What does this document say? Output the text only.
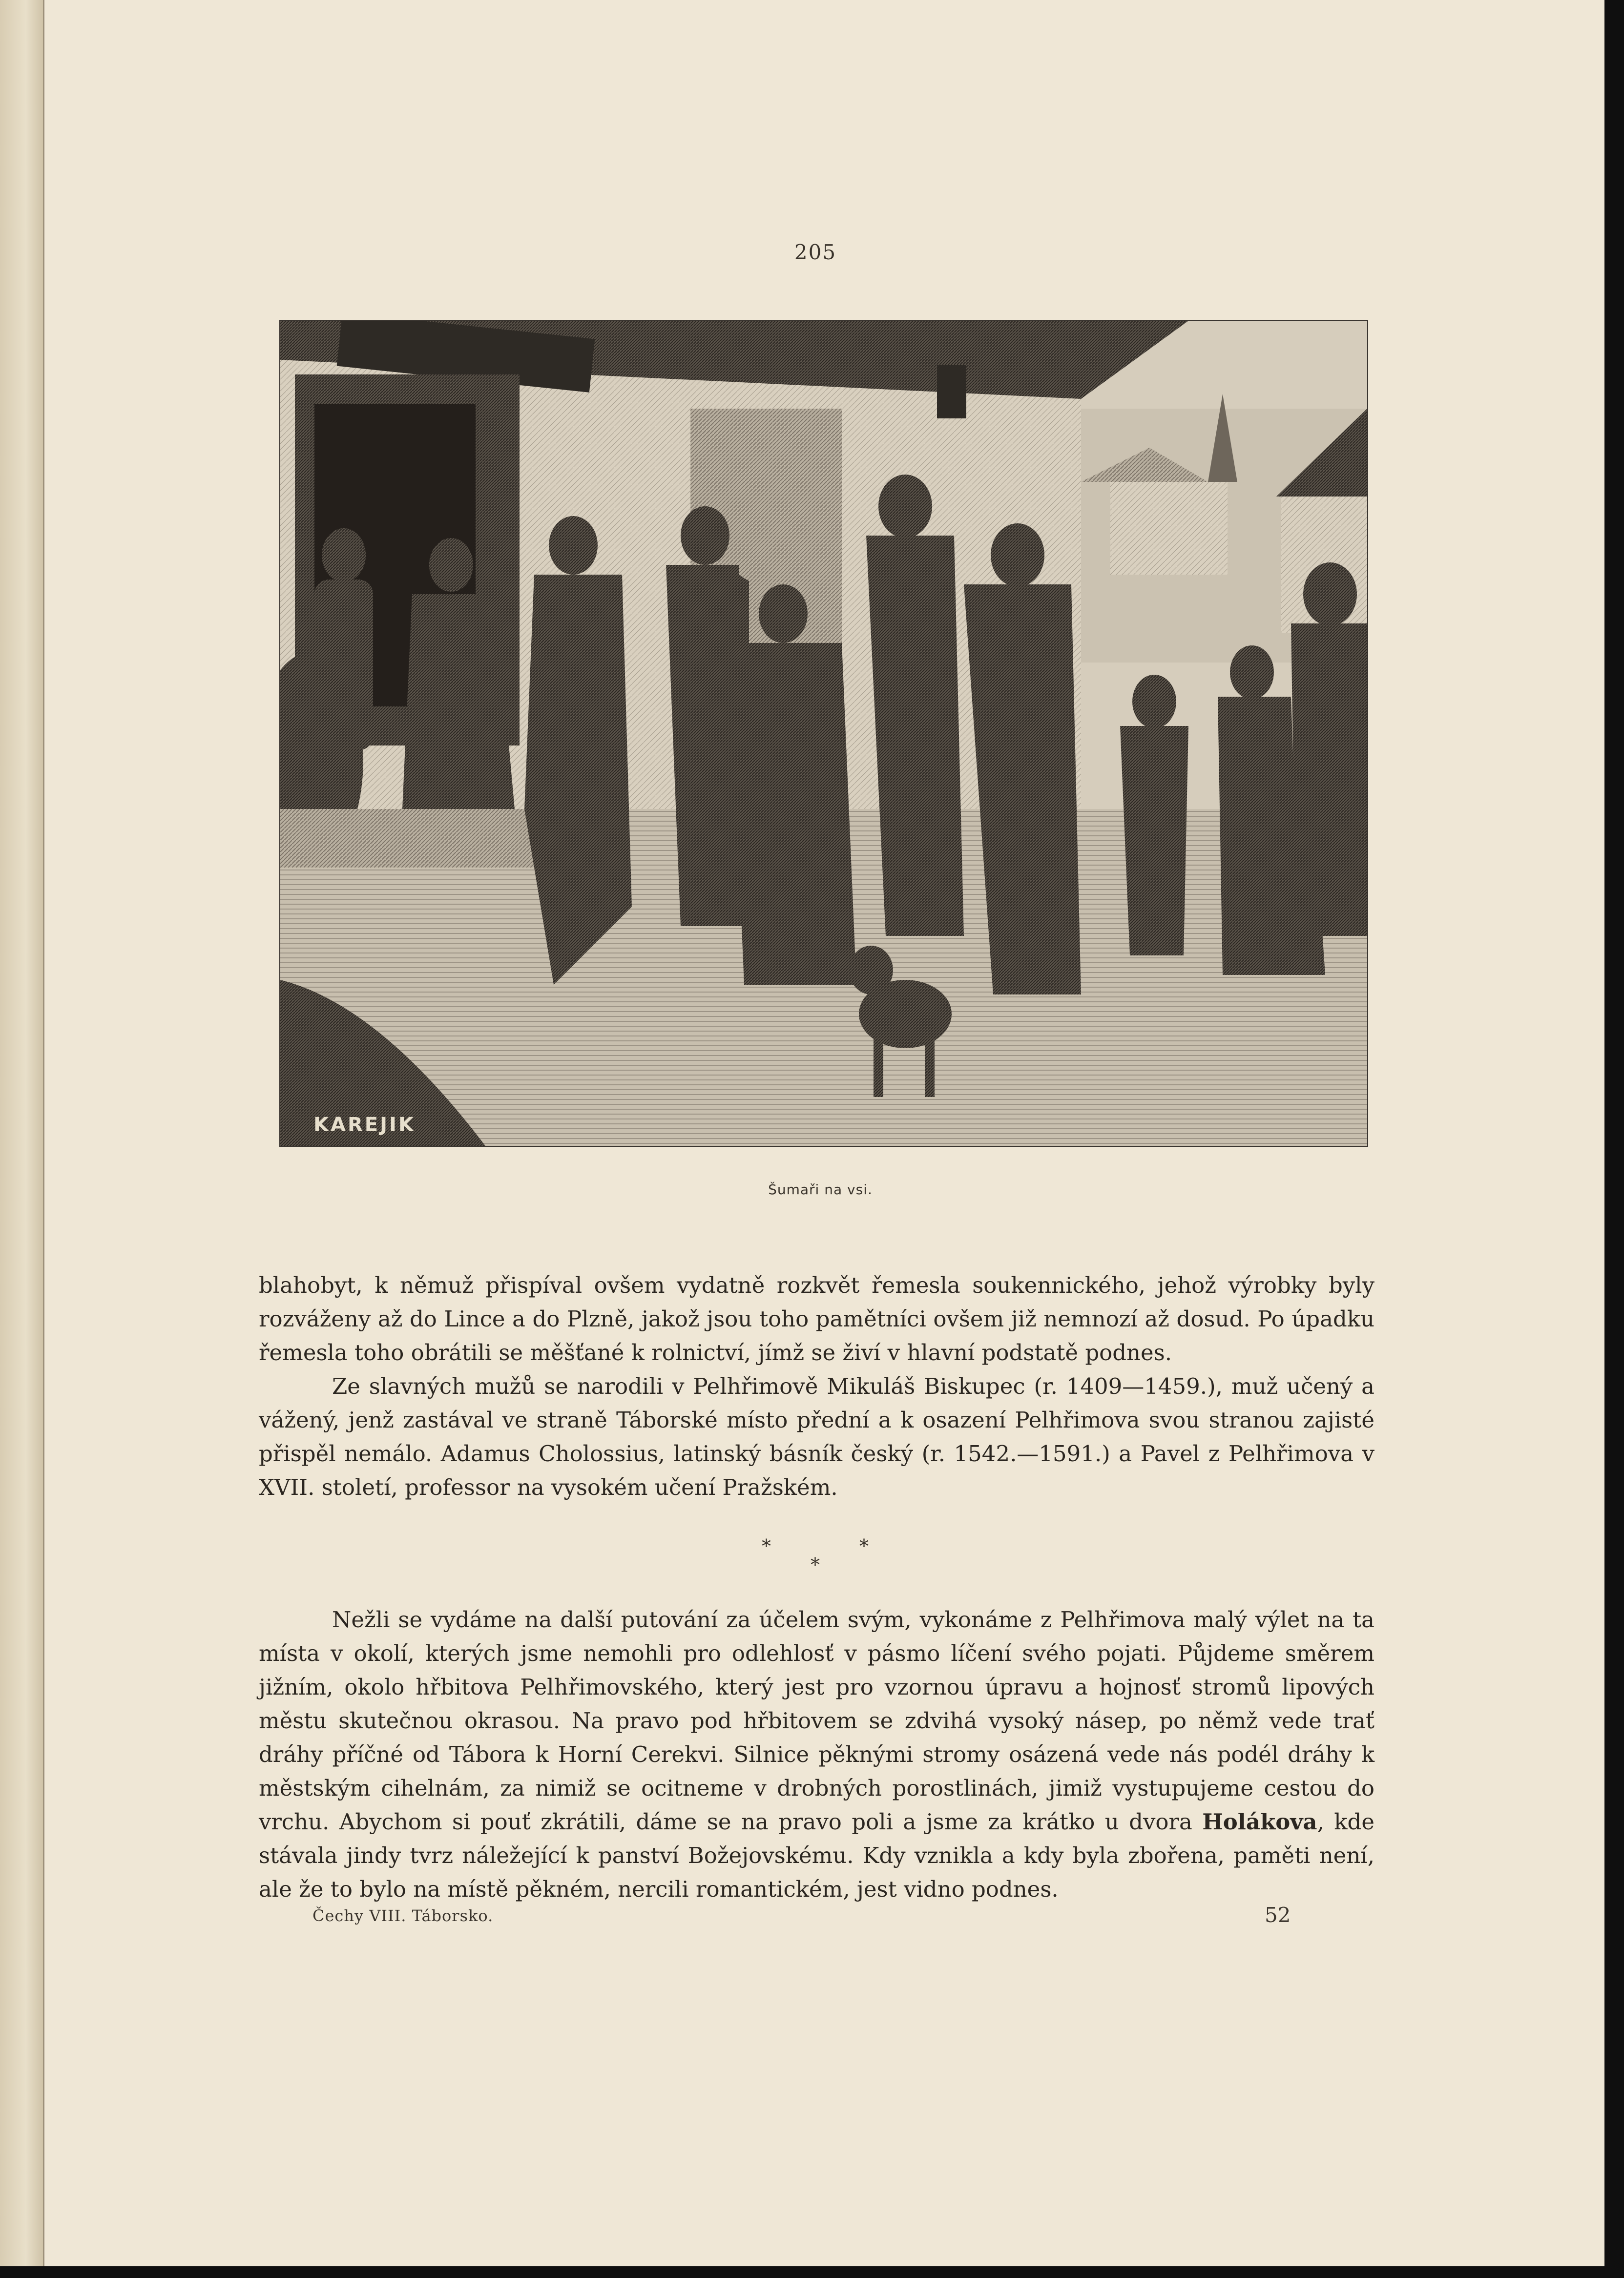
205
KAREJIK
Šumaři na vsi.

blahobyt, k němuž přispíval ovšem vydatně rozkvět řemesla soukennického, jehož výrobky byly rozváženy až do Lince a do Plzně, jakož jsou toho pamětníci ovšem již nemnozí až dosud. Po úpadku řemesla toho obrátili se měšťané k rolnictví, jímž se živí v hlavní podstatě podnes.

Ze slavných mužů se narodili v Pelhřimově Mikuláš Biskupec (r. 1409—1459.), muž učený a vážený, jenž zastával ve straně Táborské místo přední a k osazení Pelhřimova svou stranou zajisté přispěl nemálo. Adamus Cholossius, latinský básník český (r. 1542.—1591.) a Pavel z Pelhřimova v XVII. století, professor na vysokém učení Pražském.

*	*
*

Nežli se vydáme na další putování za účelem svým, vykonáme z Pelhřimova malý výlet na ta místa v okolí, kterých jsme nemohli pro odlehlosť v pásmo líčení svého pojati. Půjdeme směrem jižním, okolo hřbitova Pelhřimovského, který jest pro vzornou úpravu a hojnosť stromů lipových městu skutečnou okrasou. Na pravo pod hřbitovem se zdvihá vysoký násep, po němž vede trať dráhy příčné od Tábora k Horní Cerekvi. Silnice pěknými stromy osázená vede nás podél dráhy k městským cihelnám, za nimiž se ocitneme v drobných porostlinách, jimiž vystupujeme cestou do vrchu. Abychom si pouť zkrátili, dáme se na pravo poli a jsme za krátko u dvora Holákova, kde stávala jindy tvrz náležející k panství Božejovskému. Kdy vznikla a kdy byla zbořena, paměti není, ale že to bylo na místě pěkném, nercili romantickém, jest vidno podnes.

Čechy VIII. Táborsko.	52
